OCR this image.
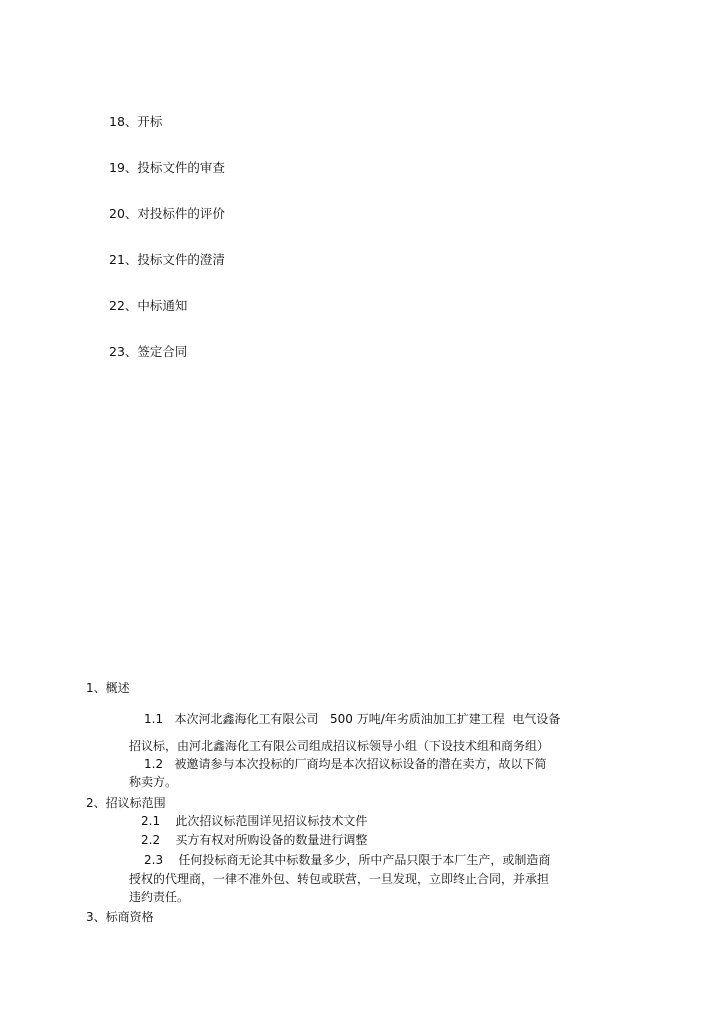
18、开标
19、投标文件的审查
20、对投标件的评价
21、投标文件的澄清
22、中标通知
23、签定合同
1、概述
1.1   本次河北鑫海化工有限公司   500 万吨/年劣质油加工扩建工程  电气设备
招议标，由河北鑫海化工有限公司组成招议标领导小组（下设技术组和商务组）
1.2   被邀请参与本次投标的厂商均是本次招议标设备的潜在卖方，故以下简
称卖方。
2、招议标范围
2.1    此次招议标范围详见招议标技术文件
2.2    买方有权对所购设备的数量进行调整
2.3    任何投标商无论其中标数量多少，所中产品只限于本厂生产，或制造商
授权的代理商，一律不准外包、转包或联营，一旦发现，立即终止合同，并承担
违约责任。
3、标商资格
